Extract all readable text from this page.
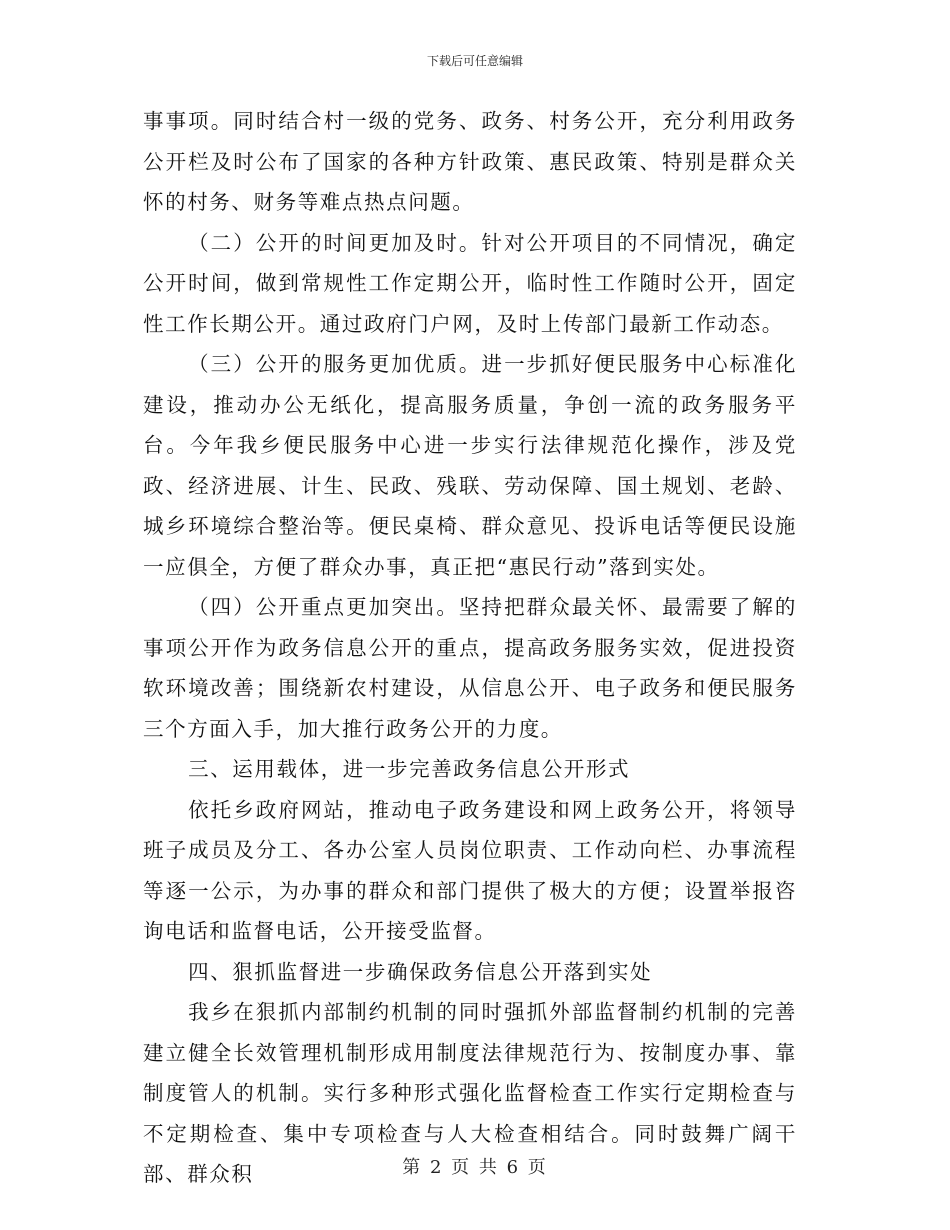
下载后可任意编辑

事事项。同时结合村一级的党务、政务、村务公开，充分利用政务公开栏及时公布了国家的各种方针政策、惠民政策、特别是群众关怀的村务、财务等难点热点问题。

（二）公开的时间更加及时。针对公开项目的不同情况，确定公开时间，做到常规性工作定期公开，临时性工作随时公开，固定性工作长期公开。通过政府门户网，及时上传部门最新工作动态。

（三）公开的服务更加优质。进一步抓好便民服务中心标准化建设，推动办公无纸化，提高服务质量，争创一流的政务服务平台。今年我乡便民服务中心进一步实行法律规范化操作，涉及党政、经济进展、计生、民政、残联、劳动保障、国土规划、老龄、城乡环境综合整治等。便民桌椅、群众意见、投诉电话等便民设施一应俱全，方便了群众办事，真正把“惠民行动”落到实处。

（四）公开重点更加突出。坚持把群众最关怀、最需要了解的事项公开作为政务信息公开的重点，提高政务服务实效，促进投资软环境改善；围绕新农村建设，从信息公开、电子政务和便民服务三个方面入手，加大推行政务公开的力度。

三、运用载体，进一步完善政务信息公开形式

依托乡政府网站，推动电子政务建设和网上政务公开，将领导班子成员及分工、各办公室人员岗位职责、工作动向栏、办事流程等逐一公示，为办事的群众和部门提供了极大的方便；设置举报咨询电话和监督电话，公开接受监督。

四、狠抓监督进一步确保政务信息公开落到实处

我乡在狠抓内部制约机制的同时强抓外部监督制约机制的完善建立健全长效管理机制形成用制度法律规范行为、按制度办事、靠制度管人的机制。实行多种形式强化监督检查工作实行定期检查与不定期检查、集中专项检查与人大检查相结合。同时鼓舞广阔干部、群众积	第 2 页 共 6 页
